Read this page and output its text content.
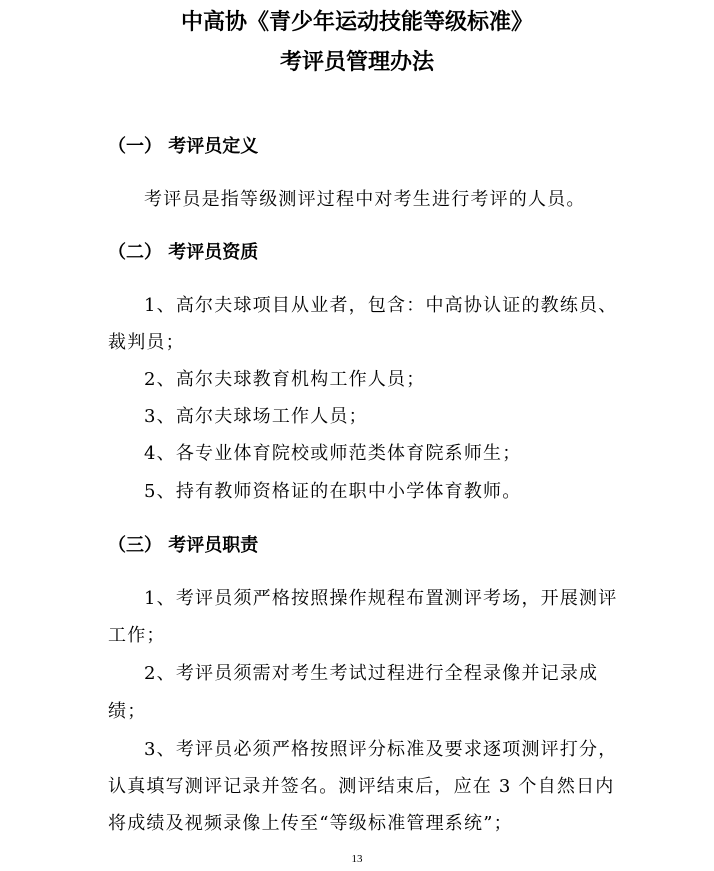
中高协《青少年运动技能等级标准》
考评员管理办法
（一） 考评员定义
考评员是指等级测评过程中对考生进行考评的人员。
（二） 考评员资质
1、高尔夫球项目从业者，包含：中高协认证的教练员、
裁判员；
2、高尔夫球教育机构工作人员；
3、高尔夫球场工作人员；
4、各专业体育院校或师范类体育院系师生；
5、持有教师资格证的在职中小学体育教师。
（三） 考评员职责
1、考评员须严格按照操作规程布置测评考场，开展测评
工作；
2、考评员须需对考生考试过程进行全程录像并记录成
绩；
3、考评员必须严格按照评分标准及要求逐项测评打分，
认真填写测评记录并签名。测评结束后，应在 3 个自然日内
将成绩及视频录像上传至“等级标准管理系统”；
13
